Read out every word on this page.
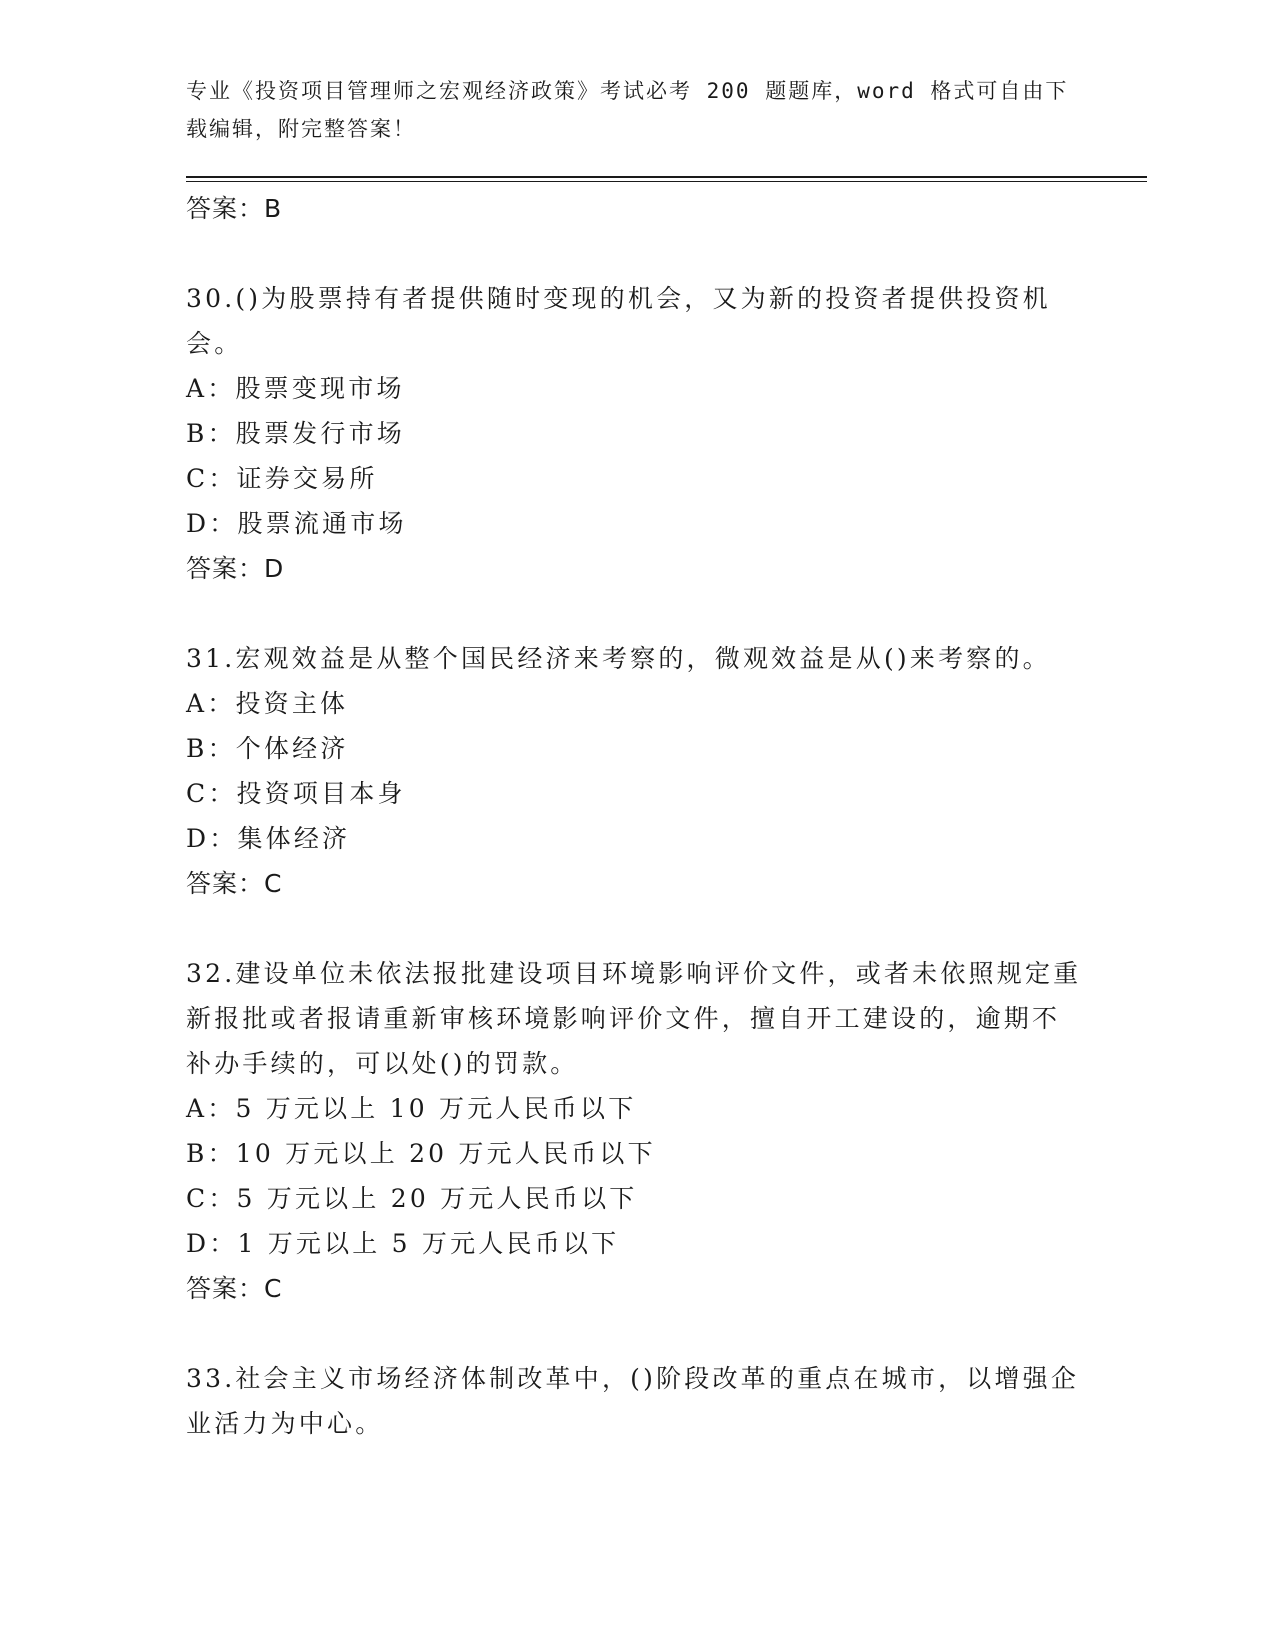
专业《投资项目管理师之宏观经济政策》考试必考 200 题题库，word 格式可自由下载编辑，附完整答案！

答案：B

30.()为股票持有者提供随时变现的机会，又为新的投资者提供投资机会。

A：股票变现市场

B：股票发行市场

C：证券交易所

D：股票流通市场

答案：D

31.宏观效益是从整个国民经济来考察的，微观效益是从()来考察的。

A：投资主体

B：个体经济

C：投资项目本身

D：集体经济

答案：C

32.建设单位未依法报批建设项目环境影响评价文件，或者未依照规定重新报批或者报请重新审核环境影响评价文件，擅自开工建设的，逾期不补办手续的，可以处()的罚款。

A：5 万元以上 10 万元人民币以下

B：10 万元以上 20 万元人民币以下

C：5 万元以上 20 万元人民币以下

D：1 万元以上 5 万元人民币以下

答案：C

33.社会主义市场经济体制改革中，()阶段改革的重点在城市，以增强企业活力为中心。
